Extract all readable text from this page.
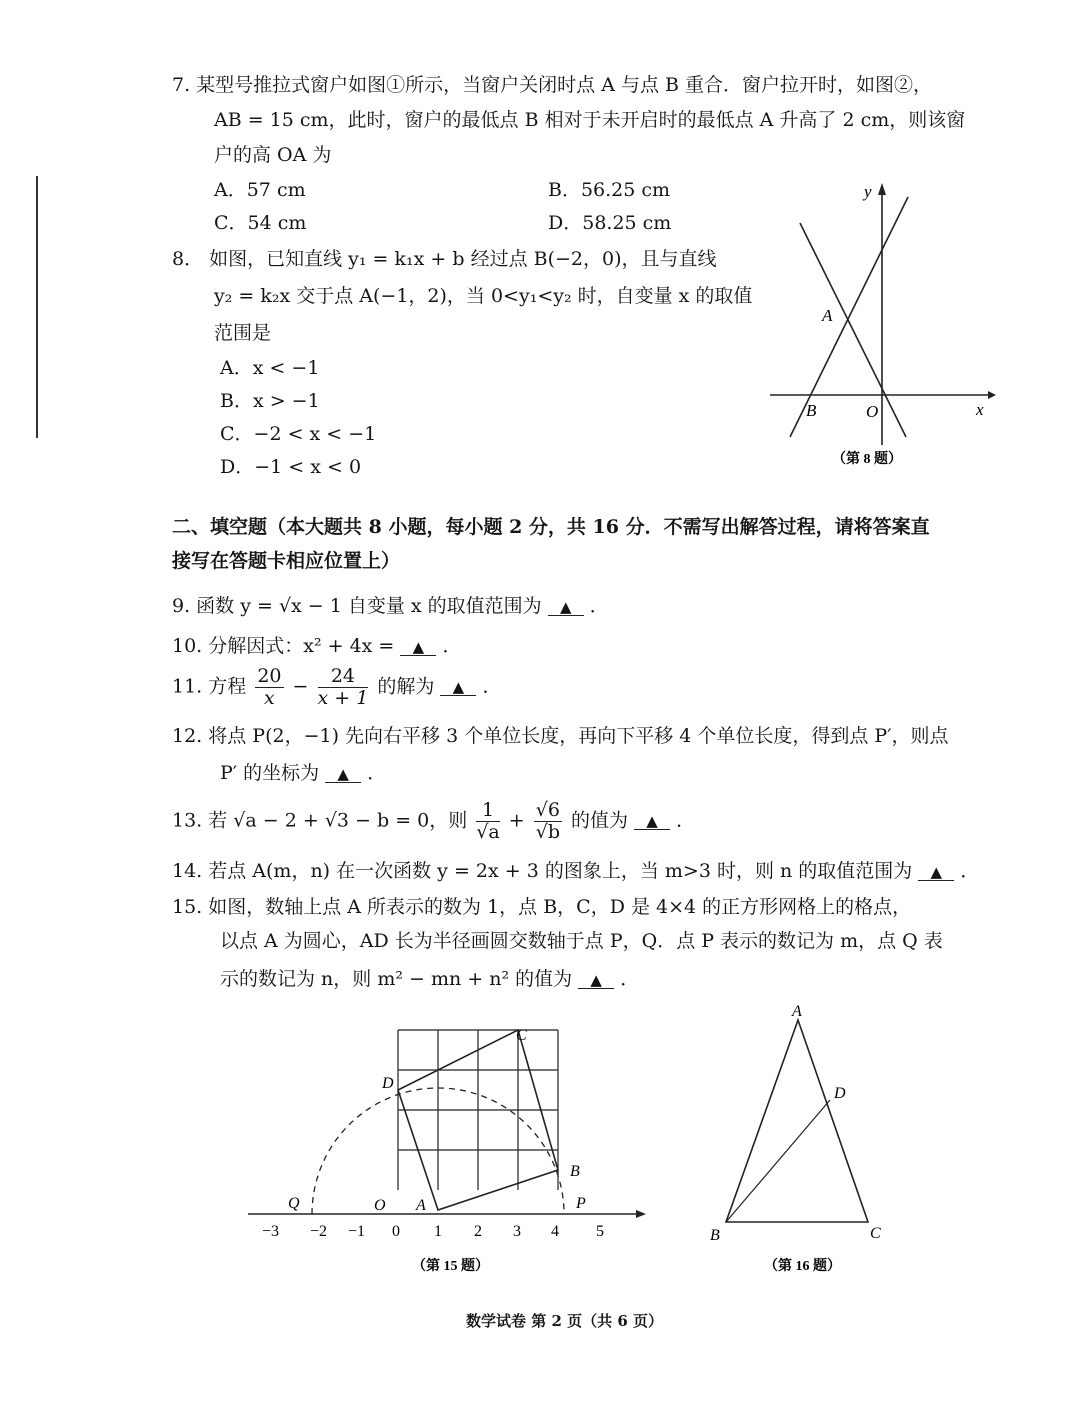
7. 某型号推拉式窗户如图①所示，当窗户关闭时点 A 与点 B 重合．窗户拉开时，如图②，
AB = 15 cm，此时，窗户的最低点 B 相对于未开启时的最低点 A 升高了 2 cm，则该窗
户的高 OA 为
A．57 cm	B．56.25 cm
C．54 cm	D．58.25 cm
8． 如图，已知直线 y₁ = k₁x + b 经过点 B(−2，0)，且与直线
y₂ = k₂x 交于点 A(−1，2)，当 0<y₁<y₂ 时，自变量 x 的取值
范围是
A．x < −1
B．x > −1
C．−2 < x < −1
D．−1 < x < 0
y
x
A
B	O
（第 8 题）
二、填空题（本大题共 8 小题，每小题 2 分，共 16 分．不需写出解答过程，请将答案直
接写在答题卡相应位置上）
9. 函数 y = √x − 1 自变量 x 的取值范围为 ▲ ．
10. 分解因式：x² + 4x = ▲ ．
11. 方程 $\frac{20}{x} - \frac{24}{x + 1}$ 的解为 ▲ ．
12. 将点 P(2，−1) 先向右平移 3 个单位长度，再向下平移 4 个单位长度，得到点 P′，则点
P′ 的坐标为 ▲ ．
13. 若 √a − 2 + √3 − b = 0，则 $\frac{1}{√a} + \frac{√6}{√b}$ 的值为 ▲ ．
14. 若点 A(m，n) 在一次函数 y = 2x + 3 的图象上，当 m>3 时，则 n 的取值范围为 ▲ ．
15. 如图，数轴上点 A 所表示的数为 1，点 B，C，D 是 4×4 的正方形网格上的格点，
以点 A 为圆心，AD 长为半径画圆交数轴于点 P，Q．点 P 表示的数记为 m，点 Q 表
示的数记为 n，则 m² − mn + n² 的值为 ▲ ．
−3 −2 −1 0 1 2 3 4 5
C
D
B
A
O
Q	P
（第 15 题）
A
D
B	C
（第 16 题）
数学试卷 第 2 页（共 6 页）
